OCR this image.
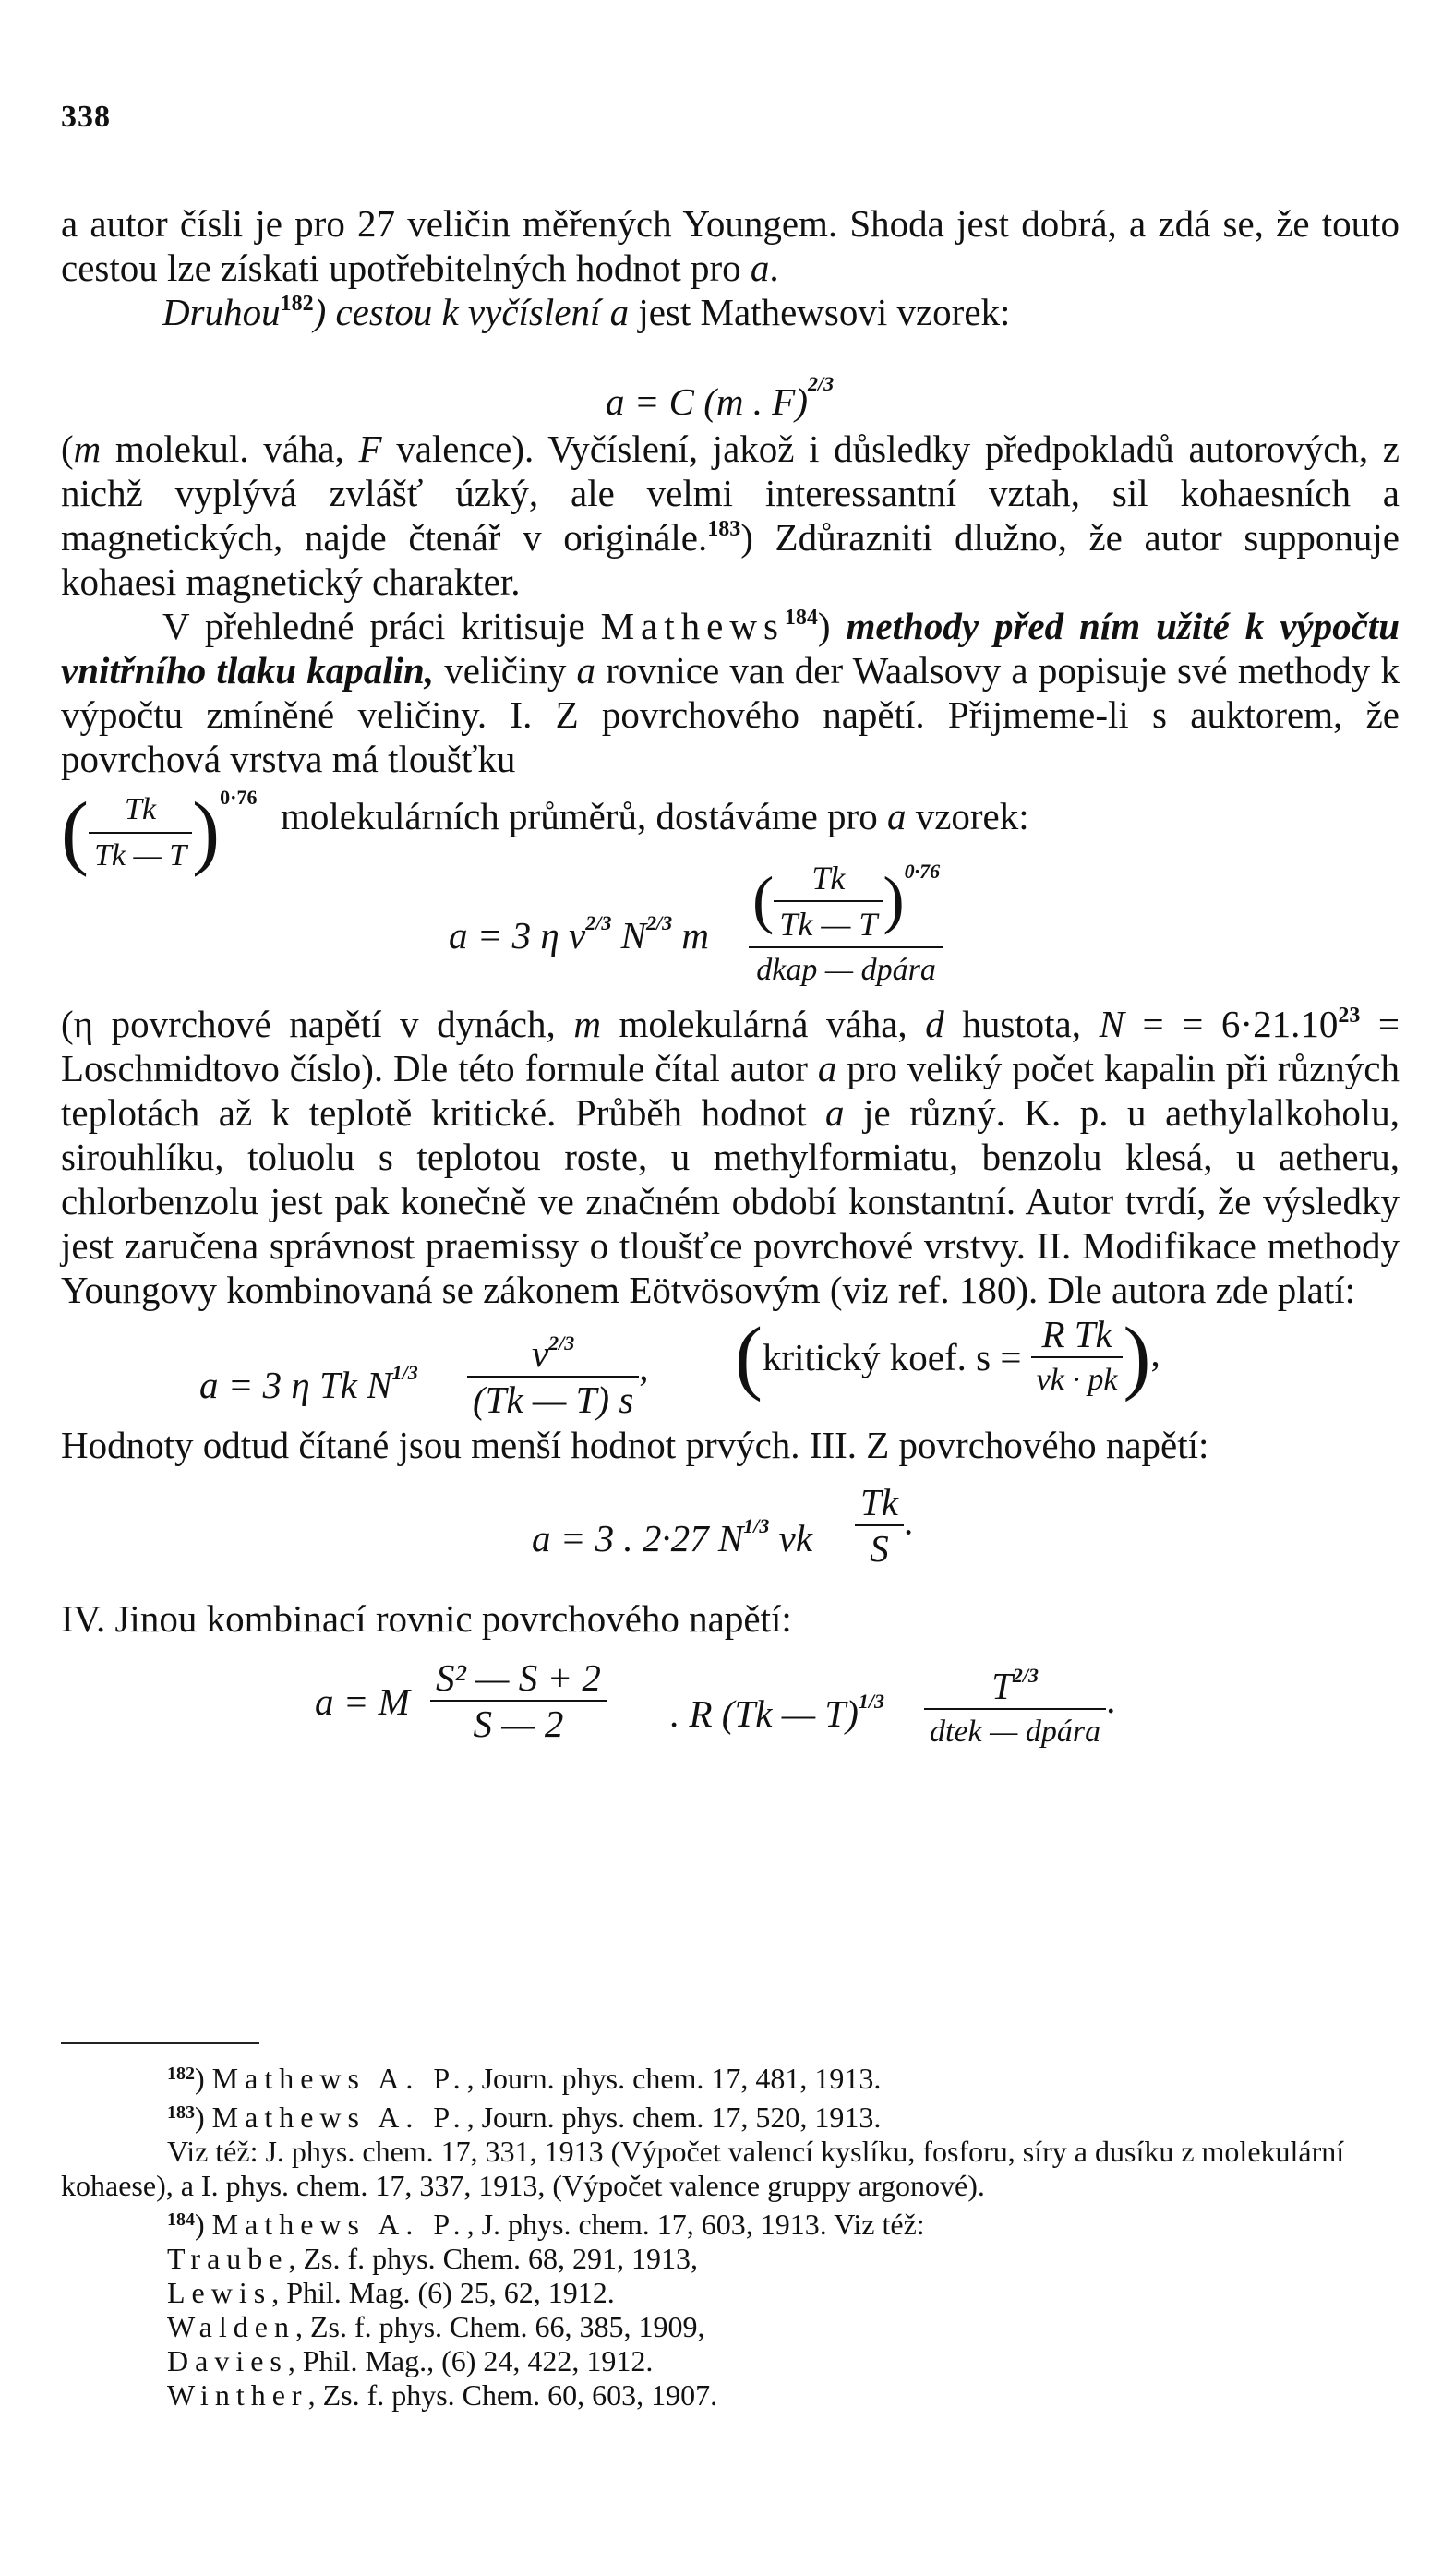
338

a autor čísli je pro 27 veličin měřených Youngem. Shoda jest dobrá, a zdá se, že touto cestou lze získati upotřebitelných hodnot pro a.

Druhou$^{182}$) cestou k vyčíslení a jest Mathewsovi vzorek:

a = C (m . F)$^{2/3}$

(m molekul. váha, F valence). Vyčíslení, jakož i důsledky předpokladů autorových, z nichž vyplývá zvlášť úzký, ale velmi interessantní vztah, sil kohaesních a magnetických, najde čtenář v originále.$^{183}$) Zdůrazniti dlužno, že autor supponuje kohaesi magnetický charakter.

V přehledné práci kritisuje Mathews$^{184}$) methody před ním užité k výpočtu vnitřního tlaku kapalin, veličiny a rovnice van der Waalsovy a popisuje své methody k výpočtu zmíněné veličiny. I. Z povrchového napětí. Přijmeme-li s auktorem, že povrchová vrstva má tloušťku

( $\frac{Tk}{Tk — T} )^{0\cdot 76}$ molekulárních průměrů, dostáváme pro a vzorek:
a = 3 η $v^{2/3}$ $N^{2/3}$ m $\frac{( \frac{Tk}{Tk — T} )^{0\cdot 76}}{\text{dkap — dpára}}$

(η povrchové napětí v dynách, m molekulárná váha, d hustota, N = = 6·21.10$^{23}$ = Loschmidtovo číslo). Dle této formule čítal autor a pro veliký počet kapalin při různých teplotách až k teplotě kritické. Průběh hodnot a je různý. K. p. u aethylalkoholu, sirouhlíku, toluolu s teplotou roste, u methylformiatu, benzolu klesá, u aetheru, chlorbenzolu jest pak konečně ve značném období konstantní. Autor tvrdí, že výsledky jest zaručena správnost praemissy o tloušťce povrchové vrstvy. II. Modifikace methody Youngovy kombinovaná se zákonem Eötvösovým (viz ref. 180). Dle autora zde platí:

a = 3 η Tk $N^{1/3} \frac{v^{2/3}}{(Tk — T) s}$ , (kritický koef. $s = \frac{\text{R Tk}}{vk \cdot pk}$ ),

Hodnoty odtud čítané jsou menší hodnot prvých. III. Z povrchového napětí:

a = 3 . 2·27 $N^{1/3}$ vk $\frac{Tk}{S}$ .

IV. Jinou kombinací rovnic povrchového napětí:

a = M $\frac{\text{S² — S + 2}}{S — 2}$ . R (Tk — $T)^{1/3} \frac{T^{2/3}}{\text{dtek — dpára}}$ .

$^{182}$) Mathews A. P., Journ. phys. chem. 17, 481, 1913.

$^{183}$) Mathews A. P., Journ. phys. chem. 17, 520, 1913.

Viz též: J. phys. chem. 17, 331, 1913 (Výpočet valencí kyslíku, fosforu, síry a dusíku z molekulární kohaese), a I. phys. chem. 17, 337, 1913, (Výpočet valence gruppy argonové).

$^{184}$) Mathews A. P., J. phys. chem. 17, 603, 1913. Viz též:

Traube, Zs. f. phys. Chem. 68, 291, 1913,

Lewis, Phil. Mag. (6) 25, 62, 1912.

Walden, Zs. f. phys. Chem. 66, 385, 1909,

Davies, Phil. Mag., (6) 24, 422, 1912.

Winther, Zs. f. phys. Chem. 60, 603, 1907.
